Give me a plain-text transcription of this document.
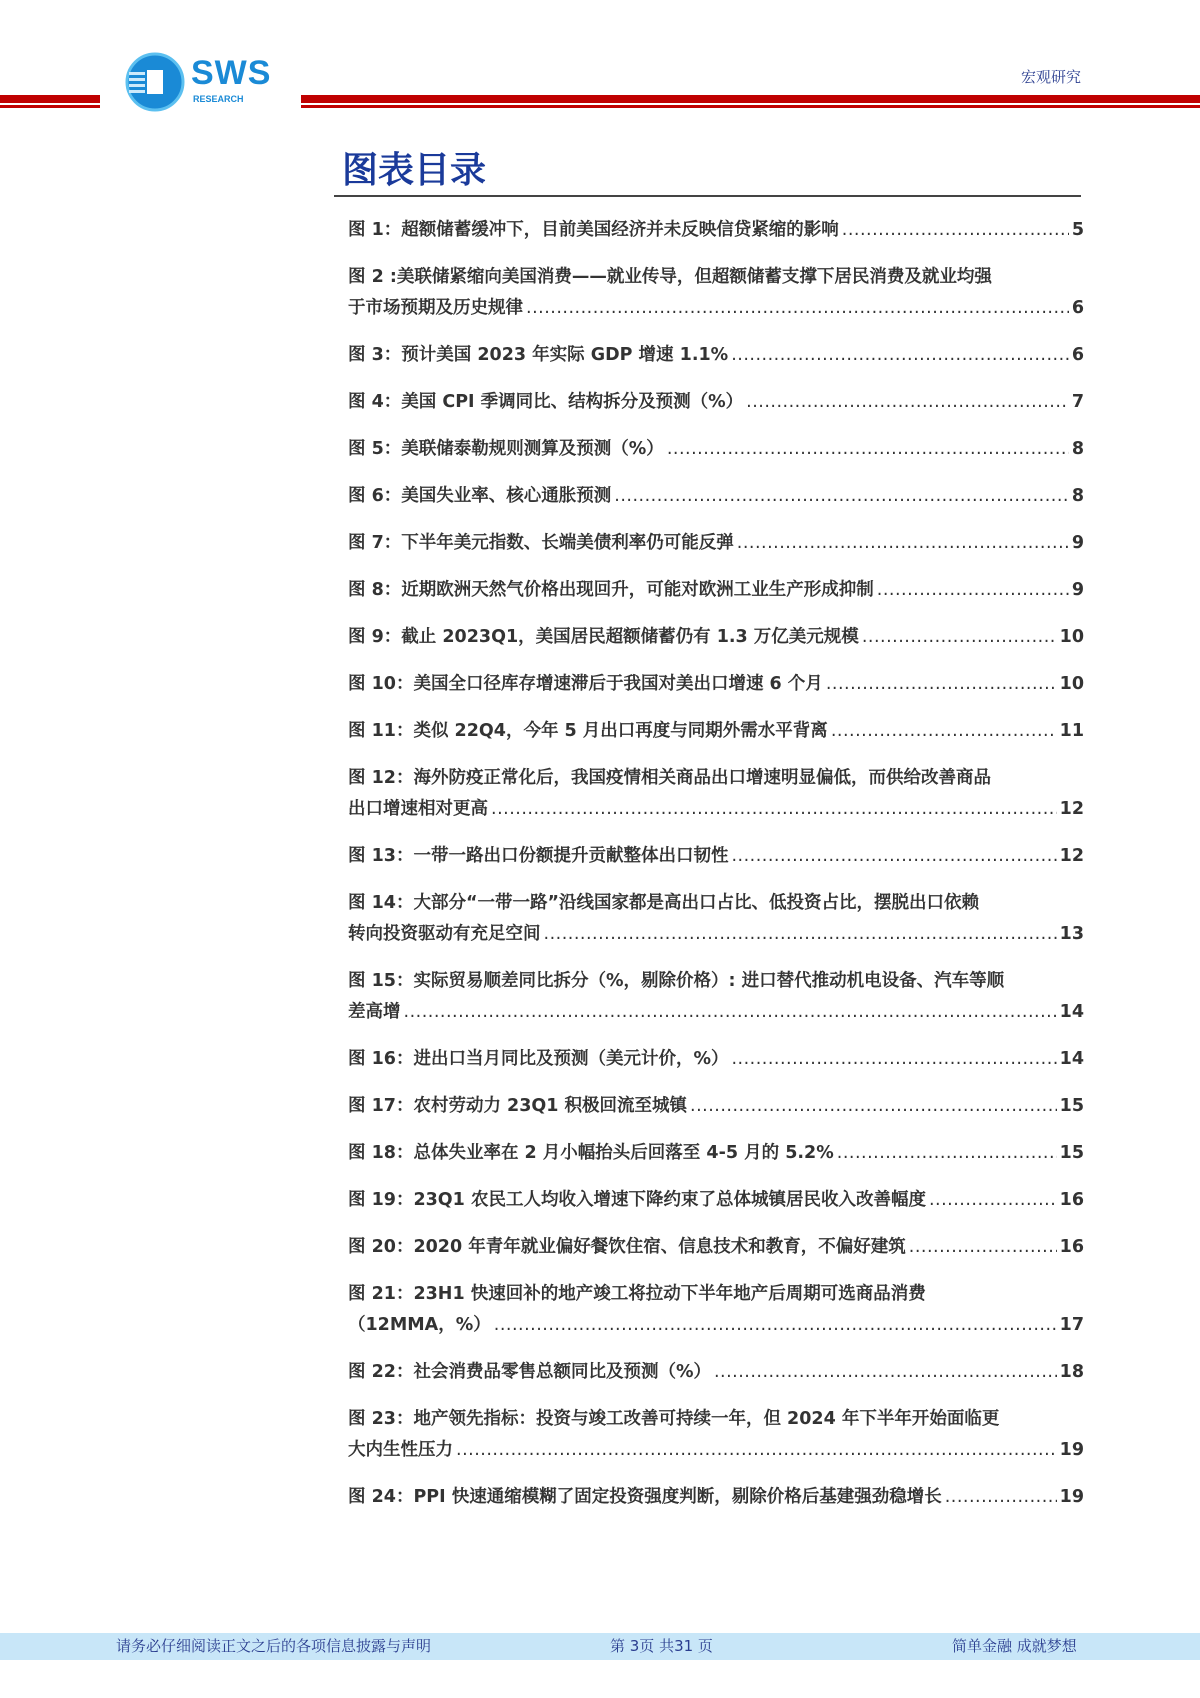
SWS
RESEARCH
宏观研究
图表目录
图 1：超额储蓄缓冲下，目前美国经济并未反映信贷紧缩的影响 .....	5
图 2 :美联储紧缩向美国消费——就业传导，但超额储蓄支撑下居民消费及就业均强
于市场预期及历史规律 .....	6
图 3：预计美国 2023 年实际 GDP 增速 1.1% .....	6
图 4：美国 CPI 季调同比、结构拆分及预测（%） .....	7
图 5：美联储泰勒规则测算及预测（%） .....	8
图 6：美国失业率、核心通胀预测 .....	8
图 7：下半年美元指数、长端美债利率仍可能反弹 .....	9
图 8：近期欧洲天然气价格出现回升，可能对欧洲工业生产形成抑制 .....	9
图 9：截止 2023Q1，美国居民超额储蓄仍有 1.3 万亿美元规模 .....	10
图 10：美国全口径库存增速滞后于我国对美出口增速 6 个月 .....	10
图 11：类似 22Q4，今年 5 月出口再度与同期外需水平背离 .....	11
图 12：海外防疫正常化后，我国疫情相关商品出口增速明显偏低，而供给改善商品
出口增速相对更高 .....	12
图 13：一带一路出口份额提升贡献整体出口韧性 .....	12
图 14：大部分“一带一路”沿线国家都是高出口占比、低投资占比，摆脱出口依赖
转向投资驱动有充足空间 .....	13
图 15：实际贸易顺差同比拆分（%，剔除价格）: 进口替代推动机电设备、汽车等顺
差高增 .....	14
图 16：进出口当月同比及预测（美元计价，%） .....	14
图 17：农村劳动力 23Q1 积极回流至城镇 .....	15
图 18：总体失业率在 2 月小幅抬头后回落至 4-5 月的 5.2% .....	15
图 19：23Q1 农民工人均收入增速下降约束了总体城镇居民收入改善幅度 .....	16
图 20：2020 年青年就业偏好餐饮住宿、信息技术和教育，不偏好建筑 .....	16
图 21：23H1 快速回补的地产竣工将拉动下半年地产后周期可选商品消费
（12MMA，%） .....	17
图 22：社会消费品零售总额同比及预测（%） .....	18
图 23：地产领先指标：投资与竣工改善可持续一年，但 2024 年下半年开始面临更
大内生性压力 .....	19
图 24：PPI 快速通缩模糊了固定投资强度判断，剔除价格后基建强劲稳增长 .....	19
请务必仔细阅读正文之后的各项信息披露与声明	第 3页 共31 页	简单金融 成就梦想
